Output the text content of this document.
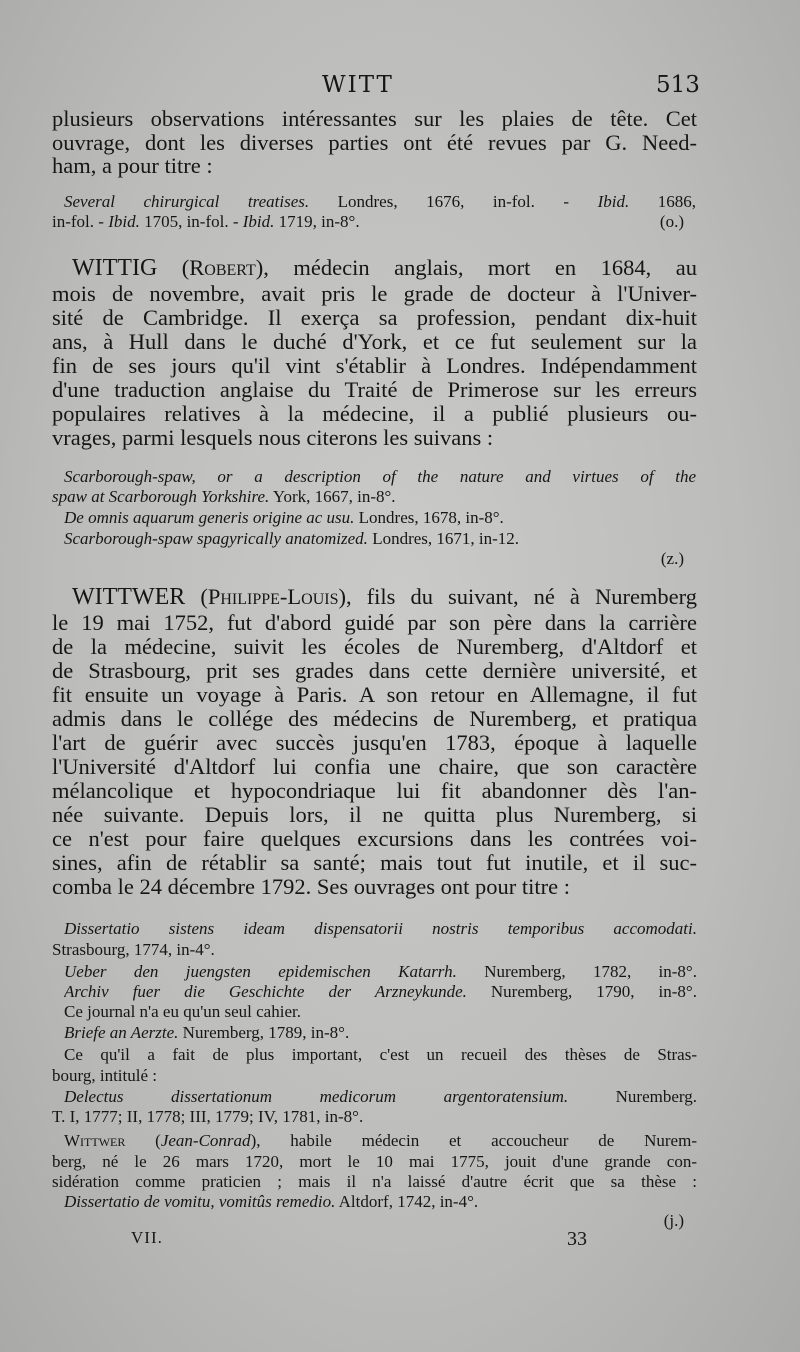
WITT	513
plusieurs observations intéressantes sur les plaies de tête. Cet
ouvrage, dont les diverses parties ont été revues par G. Need-
ham, a pour titre :
Several chirurgical treatises. Londres, 1676, in-fol. - Ibid. 1686,
in-fol. - Ibid. 1705, in-fol. - Ibid. 1719, in-8°.	(o.)
WITTIG (Robert), médecin anglais, mort en 1684, au
mois de novembre, avait pris le grade de docteur à l'Univer-
sité de Cambridge. Il exerça sa profession, pendant dix-huit
ans, à Hull dans le duché d'York, et ce fut seulement sur la
fin de ses jours qu'il vint s'établir à Londres. Indépendamment
d'une traduction anglaise du Traité de Primerose sur les erreurs
populaires relatives à la médecine, il a publié plusieurs ou-
vrages, parmi lesquels nous citerons les suivans :
Scarborough-spaw, or a description of the nature and virtues of the
spaw at Scarborough Yorkshire. York, 1667, in-8°.
De omnis aquarum generis origine ac usu. Londres, 1678, in-8°.
Scarborough-spaw spagyrically anatomized. Londres, 1671, in-12.
(z.)
WITTWER (Philippe-Louis), fils du suivant, né à Nuremberg
le 19 mai 1752, fut d'abord guidé par son père dans la carrière
de la médecine, suivit les écoles de Nuremberg, d'Altdorf et
de Strasbourg, prit ses grades dans cette dernière université, et
fit ensuite un voyage à Paris. A son retour en Allemagne, il fut
admis dans le collége des médecins de Nuremberg, et pratiqua
l'art de guérir avec succès jusqu'en 1783, époque à laquelle
l'Université d'Altdorf lui confia une chaire, que son caractère
mélancolique et hypocondriaque lui fit abandonner dès l'an-
née suivante. Depuis lors, il ne quitta plus Nuremberg, si
ce n'est pour faire quelques excursions dans les contrées voi-
sines, afin de rétablir sa santé; mais tout fut inutile, et il suc-
comba le 24 décembre 1792. Ses ouvrages ont pour titre :
Dissertatio sistens ideam dispensatorii nostris temporibus accomodati.
Strasbourg, 1774, in-4°.
Ueber den juengsten epidemischen Katarrh. Nuremberg, 1782, in-8°.
Archiv fuer die Geschichte der Arzneykunde. Nuremberg, 1790, in-8°.
Ce journal n'a eu qu'un seul cahier.
Briefe an Aerzte. Nuremberg, 1789, in-8°.
Ce qu'il a fait de plus important, c'est un recueil des thèses de Stras-
bourg, intitulé :
Delectus dissertationum medicorum argentoratensium. Nuremberg.
T. I, 1777; II, 1778; III, 1779; IV, 1781, in-8°.
Wittwer (Jean-Conrad), habile médecin et accoucheur de Nurem-
berg, né le 26 mars 1720, mort le 10 mai 1775, jouit d'une grande con-
sidération comme praticien ; mais il n'a laissé d'autre écrit que sa thèse :
Dissertatio de vomitu, vomitûs remedio. Altdorf, 1742, in-4°.
(j.)
VII.	33
